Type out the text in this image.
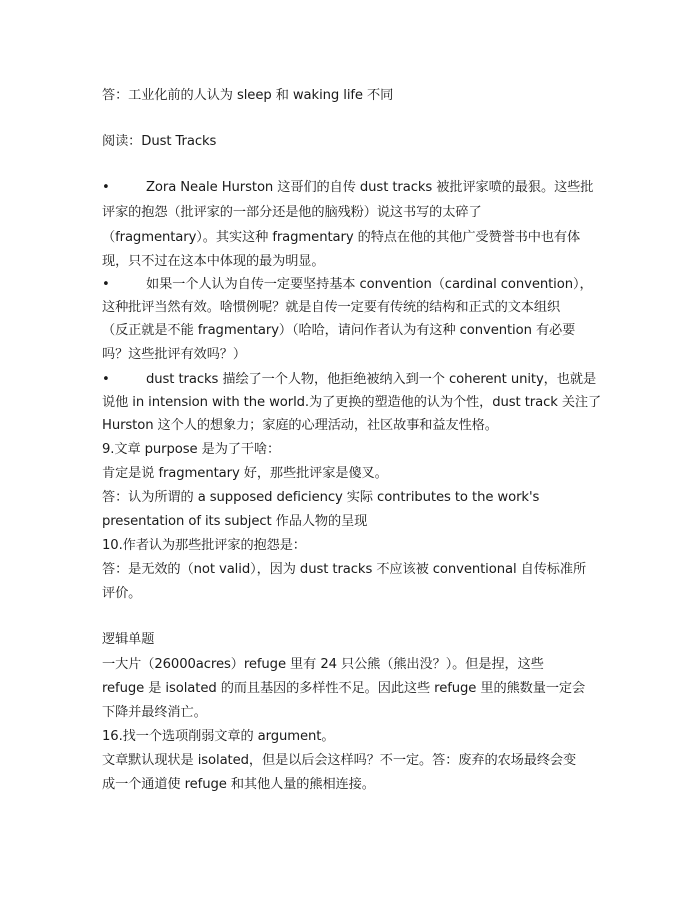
答：工业化前的人认为 sleep 和 waking life 不同
阅读：Dust Tracks
•	Zora Neale Hurston 这哥们的自传 dust tracks 被批评家喷的最狠。这些批
评家的抱怨（批评家的一部分还是他的脑残粉）说这书写的太碎了
（fragmentary）。其实这种 fragmentary 的特点在他的其他广受赞誉书中也有体
现，只不过在这本中体现的最为明显。
•	如果一个人认为自传一定要坚持基本 convention（cardinal convention），
这种批评当然有效。啥惯例呢？就是自传一定要有传统的结构和正式的文本组织
（反正就是不能 fragmentary）（哈哈，请问作者认为有这种 convention 有必要
吗？这些批评有效吗？）
•	dust tracks 描绘了一个人物，他拒绝被纳入到一个 coherent unity，也就是
说他 in intension with the world.为了更换的塑造他的认为个性，dust track 关注了
Hurston 这个人的想象力；家庭的心理活动，社区故事和益友性格。
9.文章 purpose 是为了干啥：
肯定是说 fragmentary 好，那些批评家是傻叉。
答：认为所谓的 a supposed deficiency 实际 contributes to the work's
presentation of its subject 作品人物的呈现
10.作者认为那些批评家的抱怨是：
答：是无效的（not valid），因为 dust tracks 不应该被 conventional 自传标准所
评价。
逻辑单题
一大片（26000acres）refuge 里有 24 只公熊（熊出没？）。但是捏，这些
refuge 是 isolated 的而且基因的多样性不足。因此这些 refuge 里的熊数量一定会
下降并最终消亡。
16.找一个选项削弱文章的 argument。
文章默认现状是 isolated，但是以后会这样吗？不一定。答：废弃的农场最终会变
成一个通道使 refuge 和其他人量的熊相连接。
